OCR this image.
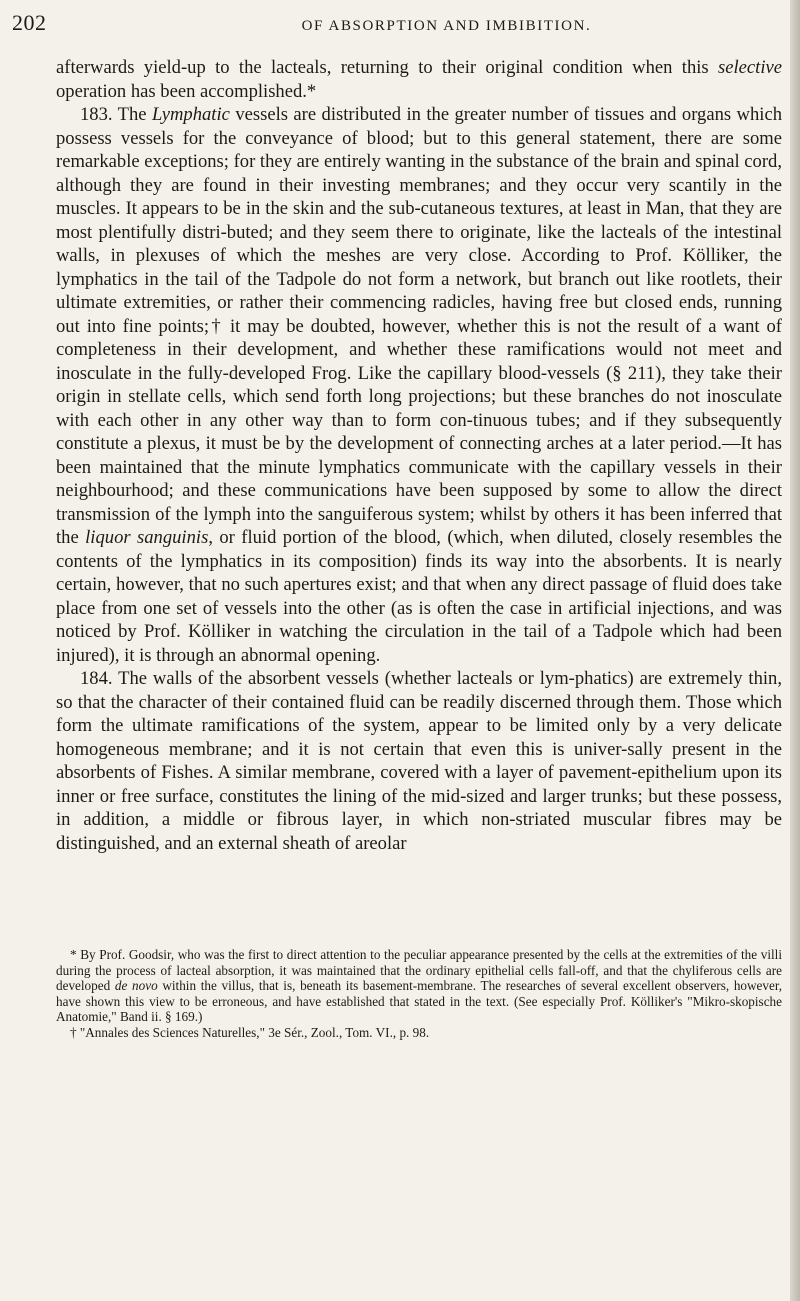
202	OF ABSORPTION AND IMBIBITION.

afterwards yield-up to the lacteals, returning to their original condition when this selective operation has been accomplished.*

183. The Lymphatic vessels are distributed in the greater number of tissues and organs which possess vessels for the conveyance of blood; but to this general statement, there are some remarkable exceptions; for they are entirely wanting in the substance of the brain and spinal cord, although they are found in their investing membranes; and they occur very scantily in the muscles. It appears to be in the skin and the sub-cutaneous textures, at least in Man, that they are most plentifully distri-buted; and they seem there to originate, like the lacteals of the intestinal walls, in plexuses of which the meshes are very close. According to Prof. Kölliker, the lymphatics in the tail of the Tadpole do not form a network, but branch out like rootlets, their ultimate extremities, or rather their commencing radicles, having free but closed ends, running out into fine points;† it may be doubted, however, whether this is not the result of a want of completeness in their development, and whether these ramifications would not meet and inosculate in the fully-developed Frog. Like the capillary blood-vessels (§ 211), they take their origin in stellate cells, which send forth long projections; but these branches do not inosculate with each other in any other way than to form con-tinuous tubes; and if they subsequently constitute a plexus, it must be by the development of connecting arches at a later period.—It has been maintained that the minute lymphatics communicate with the capillary vessels in their neighbourhood; and these communications have been supposed by some to allow the direct transmission of the lymph into the sanguiferous system; whilst by others it has been inferred that the liquor sanguinis, or fluid portion of the blood, (which, when diluted, closely resembles the contents of the lymphatics in its composition) finds its way into the absorbents. It is nearly certain, however, that no such apertures exist; and that when any direct passage of fluid does take place from one set of vessels into the other (as is often the case in artificial injections, and was noticed by Prof. Kölliker in watching the circulation in the tail of a Tadpole which had been injured), it is through an abnormal opening.

184. The walls of the absorbent vessels (whether lacteals or lym-phatics) are extremely thin, so that the character of their contained fluid can be readily discerned through them. Those which form the ultimate ramifications of the system, appear to be limited only by a very delicate homogeneous membrane; and it is not certain that even this is univer-sally present in the absorbents of Fishes. A similar membrane, covered with a layer of pavement-epithelium upon its inner or free surface, constitutes the lining of the mid-sized and larger trunks; but these possess, in addition, a middle or fibrous layer, in which non-striated muscular fibres may be distinguished, and an external sheath of areolar

* By Prof. Goodsir, who was the first to direct attention to the peculiar appearance presented by the cells at the extremities of the villi during the process of lacteal absorption, it was maintained that the ordinary epithelial cells fall-off, and that the chyliferous cells are developed de novo within the villus, that is, beneath its basement-membrane. The researches of several excellent observers, however, have shown this view to be erroneous, and have established that stated in the text. (See especially Prof. Kölliker's "Mikro-skopische Anatomie," Band ii. § 169.)

† "Annales des Sciences Naturelles," 3e Sér., Zool., Tom. VI., p. 98.
